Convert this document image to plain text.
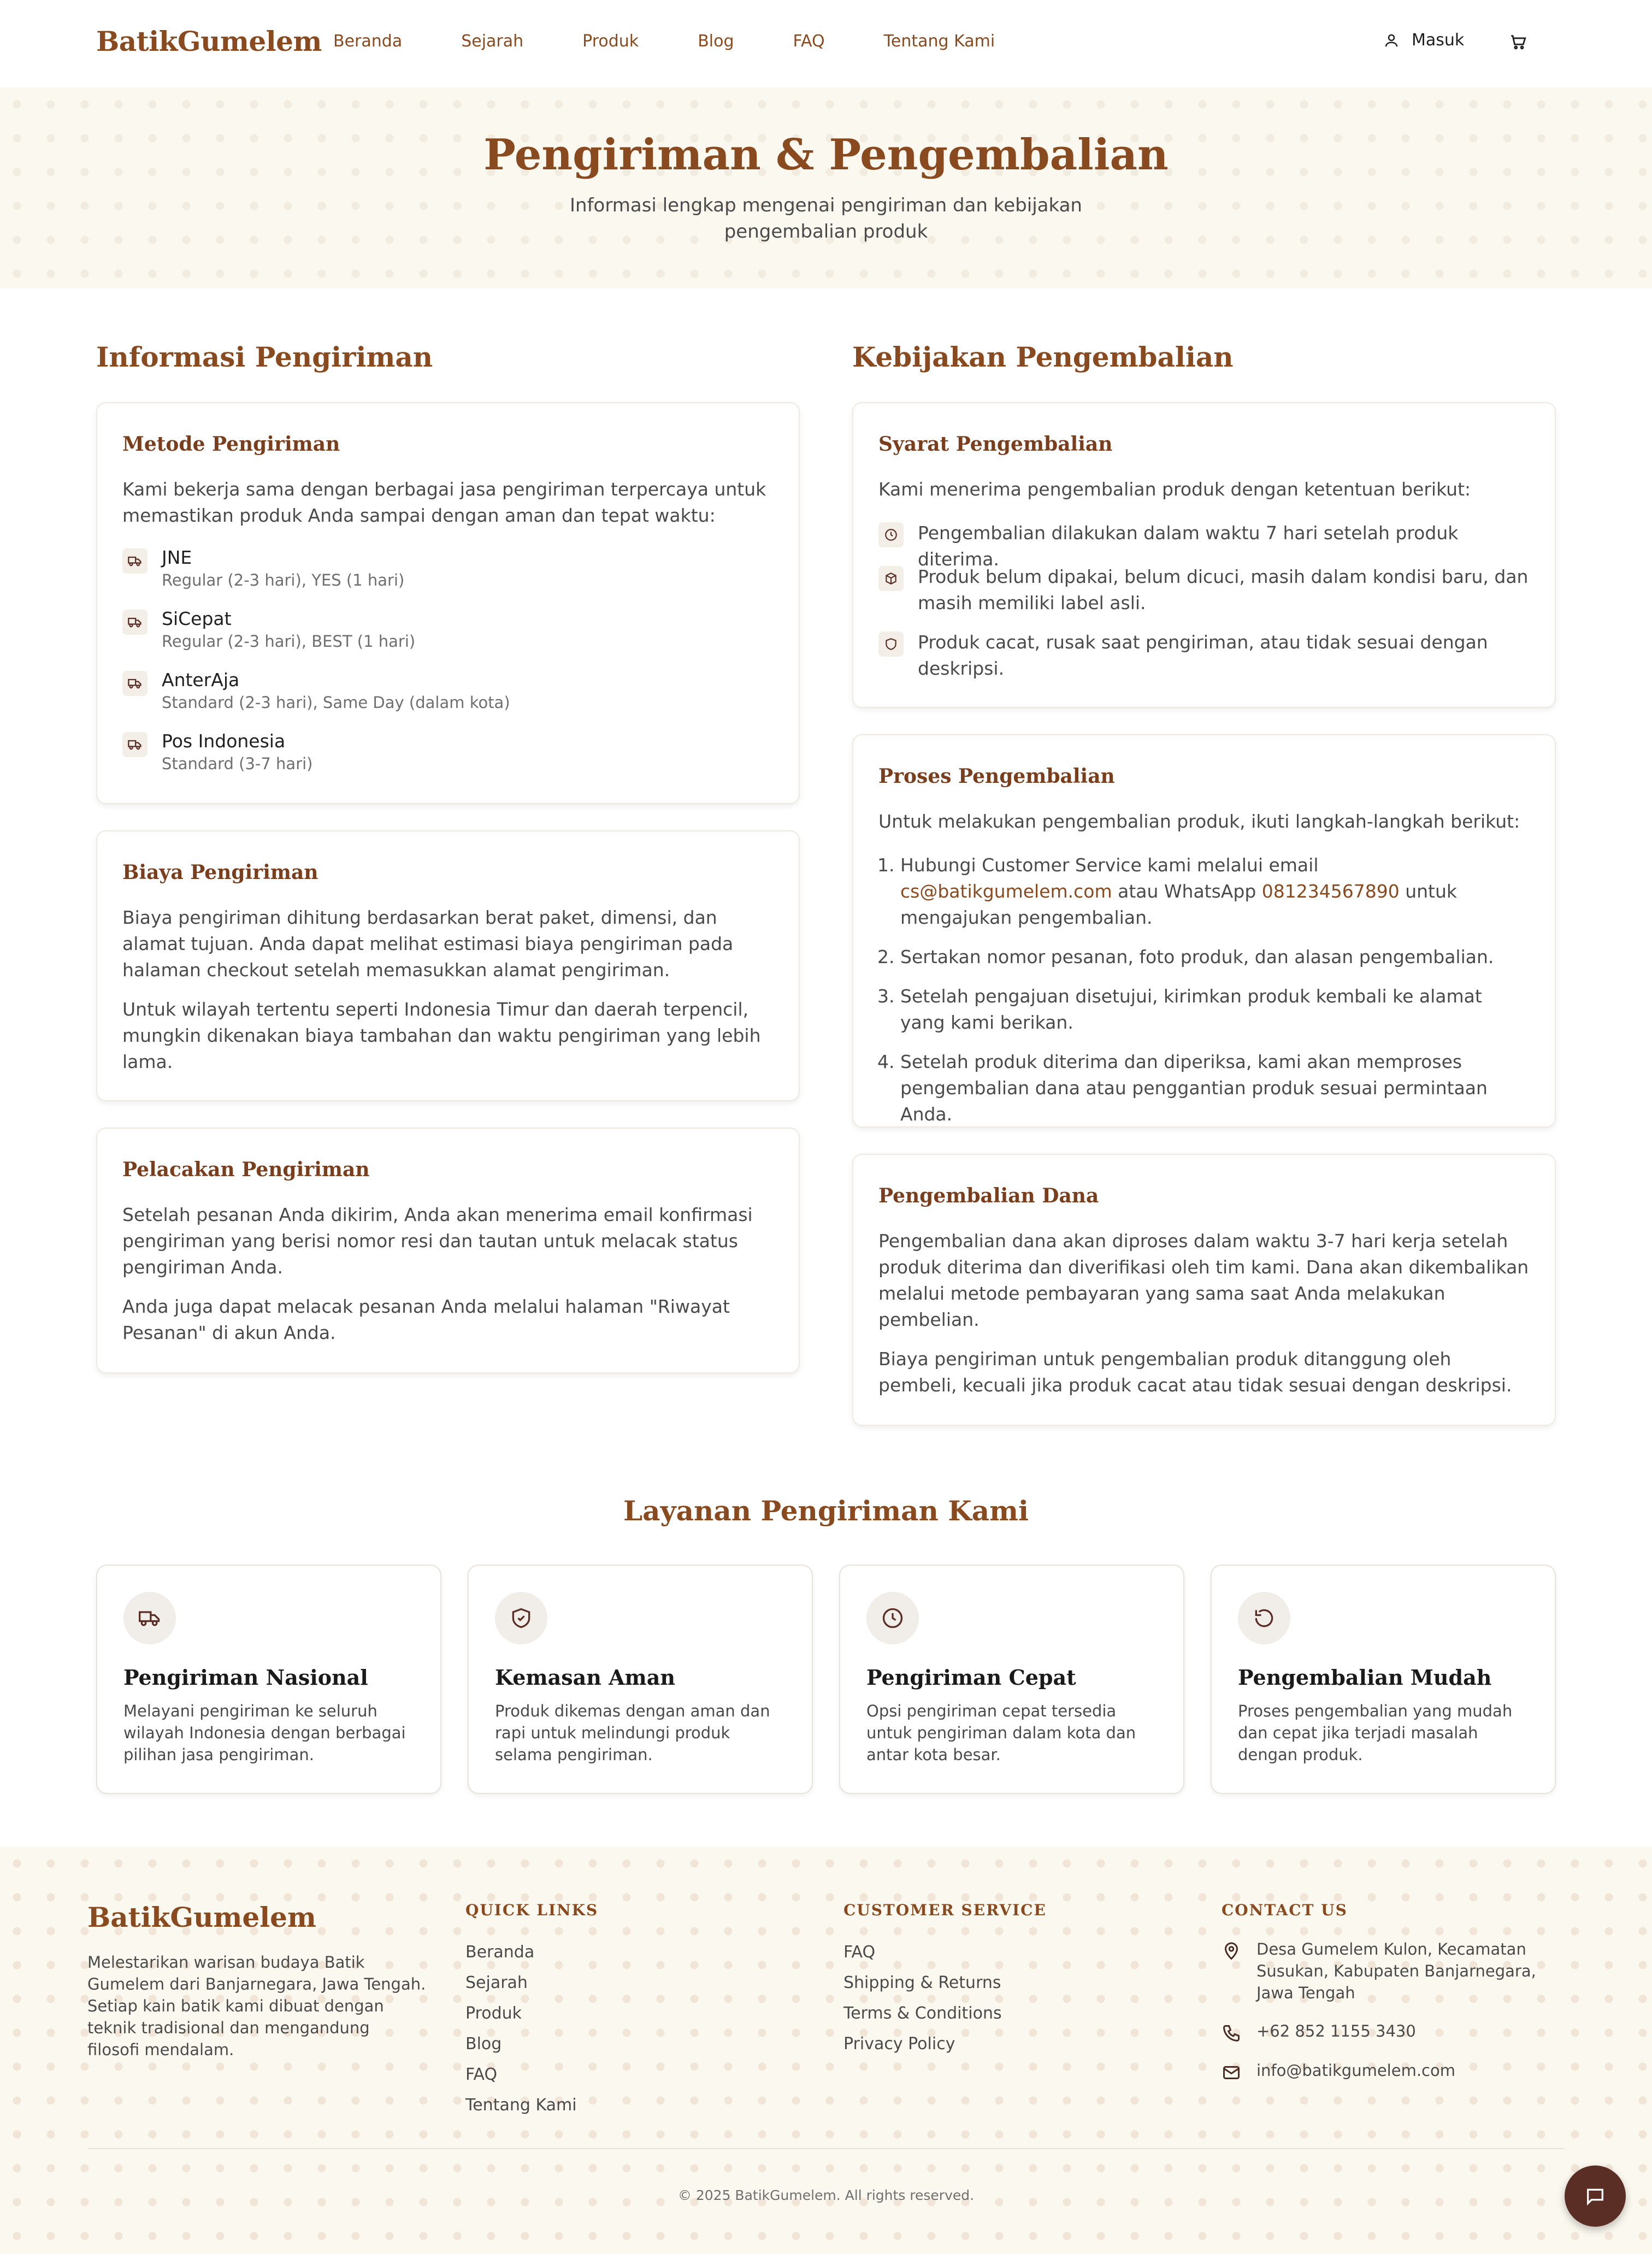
BatikGumelem Beranda	Sejarah	Produk	Blog	FAQ	Tentang Kami	Masuk
Pengiriman & Pengembalian

Informasi lengkap mengenai pengiriman dan kebijakan pengembalian produk

Informasi Pengiriman
Metode Pengiriman
Kami bekerja sama dengan berbagai jasa pengiriman terpercaya untuk memastikan produk Anda sampai dengan aman dan tepat waktu:
JNE
Regular (2-3 hari), YES (1 hari)
SiCepat
Regular (2-3 hari), BEST (1 hari)
AnterAja
Standard (2-3 hari), Same Day (dalam kota)
Pos Indonesia
Standard (3-7 hari)
Biaya Pengiriman
Biaya pengiriman dihitung berdasarkan berat paket, dimensi, dan alamat tujuan. Anda dapat melihat estimasi biaya pengiriman pada halaman checkout setelah memasukkan alamat pengiriman.
Untuk wilayah tertentu seperti Indonesia Timur dan daerah terpencil, mungkin dikenakan biaya tambahan dan waktu pengiriman yang lebih lama.
Pelacakan Pengiriman
Setelah pesanan Anda dikirim, Anda akan menerima email konfirmasi pengiriman yang berisi nomor resi dan tautan untuk melacak status pengiriman Anda.
Anda juga dapat melacak pesanan Anda melalui halaman "Riwayat Pesanan" di akun Anda.
Kebijakan Pengembalian
Syarat Pengembalian
Kami menerima pengembalian produk dengan ketentuan berikut:
Pengembalian dilakukan dalam waktu 7 hari setelah produk diterima.
Produk belum dipakai, belum dicuci, masih dalam kondisi baru, dan masih memiliki label asli.
Produk cacat, rusak saat pengiriman, atau tidak sesuai dengan deskripsi.
Proses Pengembalian
Untuk melakukan pengembalian produk, ikuti langkah-langkah berikut:
1. Hubungi Customer Service kami melalui email cs@batikgumelem.com atau WhatsApp 081234567890 untuk mengajukan pengembalian.
2. Sertakan nomor pesanan, foto produk, dan alasan pengembalian.
3. Setelah pengajuan disetujui, kirimkan produk kembali ke alamat yang kami berikan.
4. Setelah produk diterima dan diperiksa, kami akan memproses pengembalian dana atau penggantian produk sesuai permintaan Anda.
Pengembalian Dana
Pengembalian dana akan diproses dalam waktu 3-7 hari kerja setelah produk diterima dan diverifikasi oleh tim kami. Dana akan dikembalikan melalui metode pembayaran yang sama saat Anda melakukan pembelian.
Biaya pengiriman untuk pengembalian produk ditanggung oleh pembeli, kecuali jika produk cacat atau tidak sesuai dengan deskripsi.
Layanan Pengiriman Kami
Pengiriman Nasional

Melayani pengiriman ke seluruh wilayah Indonesia dengan berbagai pilihan jasa pengiriman.

Kemasan Aman

Produk dikemas dengan aman dan rapi untuk melindungi produk selama pengiriman.

Pengiriman Cepat

Opsi pengiriman cepat tersedia untuk pengiriman dalam kota dan antar kota besar.

Pengembalian Mudah

Proses pengembalian yang mudah dan cepat jika terjadi masalah dengan produk.

BatikGumelem
Melestarikan warisan budaya Batik Gumelem dari Banjarnegara, Jawa Tengah. Setiap kain batik kami dibuat dengan teknik tradisional dan mengandung filosofi mendalam.
QUICK LINKS
Beranda
Sejarah
Produk
Blog
FAQ
Tentang Kami
CUSTOMER SERVICE
FAQ
Shipping & Returns
Terms & Conditions
Privacy Policy
CONTACT US
Desa Gumelem Kulon, Kecamatan Susukan, Kabupaten Banjarnegara, Jawa Tengah
+62 852 1155 3430
info@batikgumelem.com
© 2025 BatikGumelem. All rights reserved.
